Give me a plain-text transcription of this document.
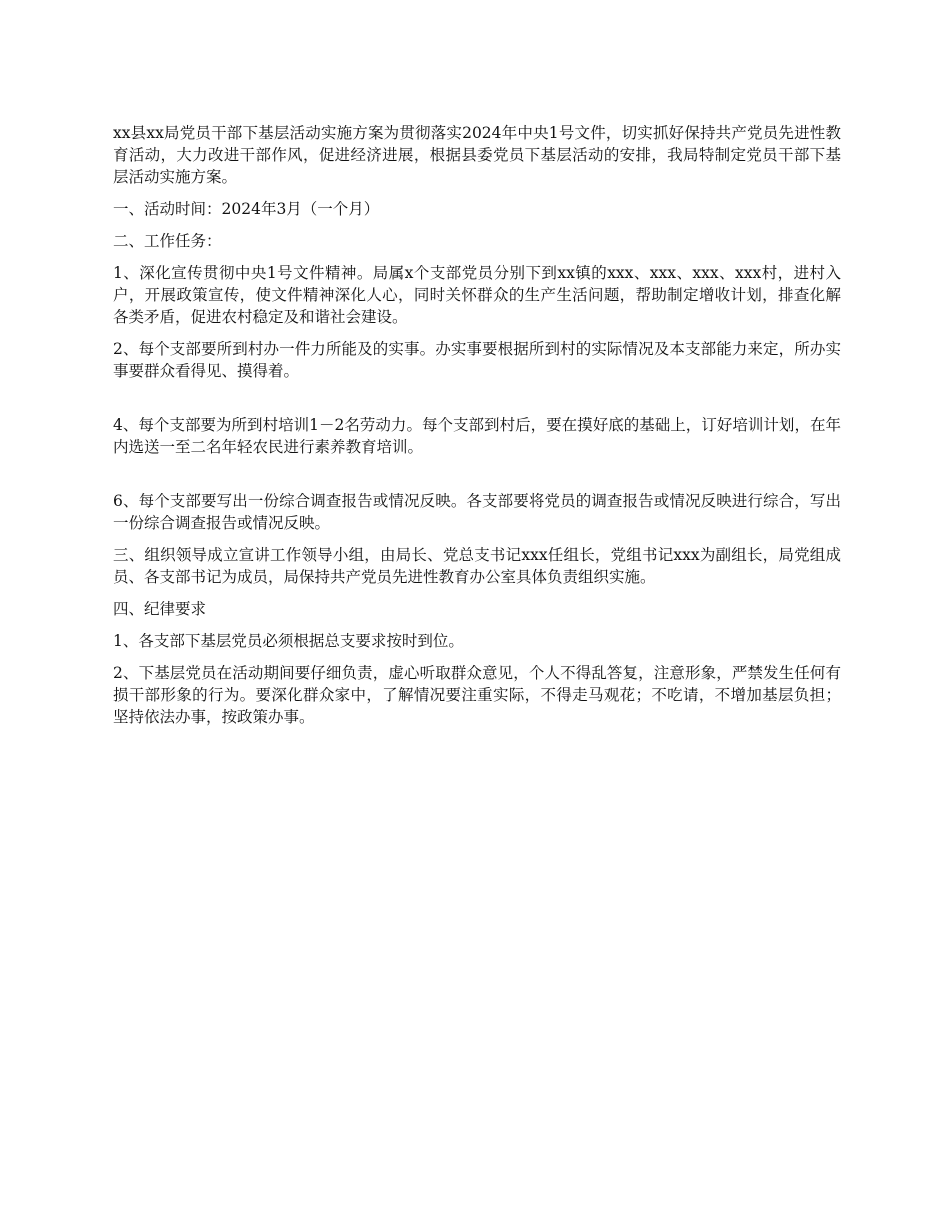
xx县xx局党员干部下基层活动实施方案为贯彻落实2024年中央1号文件，切实抓好保持共产党员先进性教育活动，大力改进干部作风，促进经济进展，根据县委党员下基层活动的安排，我局特制定党员干部下基层活动实施方案。

一、活动时间：2024年3月（一个月）

二、工作任务：

1、深化宣传贯彻中央1号文件精神。局属x个支部党员分别下到xx镇的xxx、xxx、xxx、xxx村，进村入户，开展政策宣传，使文件精神深化人心，同时关怀群众的生产生活问题，帮助制定增收计划，排查化解各类矛盾，促进农村稳定及和谐社会建设。

2、每个支部要所到村办一件力所能及的实事。办实事要根据所到村的实际情况及本支部能力来定，所办实事要群众看得见、摸得着。

4、每个支部要为所到村培训1－2名劳动力。每个支部到村后，要在摸好底的基础上，订好培训计划，在年内选送一至二名年轻农民进行素养教育培训。

6、每个支部要写出一份综合调查报告或情况反映。各支部要将党员的调查报告或情况反映进行综合，写出一份综合调查报告或情况反映。

三、组织领导成立宣讲工作领导小组，由局长、党总支书记xxx任组长，党组书记xxx为副组长，局党组成员、各支部书记为成员，局保持共产党员先进性教育办公室具体负责组织实施。

四、纪律要求

1、各支部下基层党员必须根据总支要求按时到位。

2、下基层党员在活动期间要仔细负责，虚心听取群众意见，个人不得乱答复，注意形象，严禁发生任何有损干部形象的行为。要深化群众家中，了解情况要注重实际，不得走马观花；不吃请，不增加基层负担；坚持依法办事，按政策办事。
